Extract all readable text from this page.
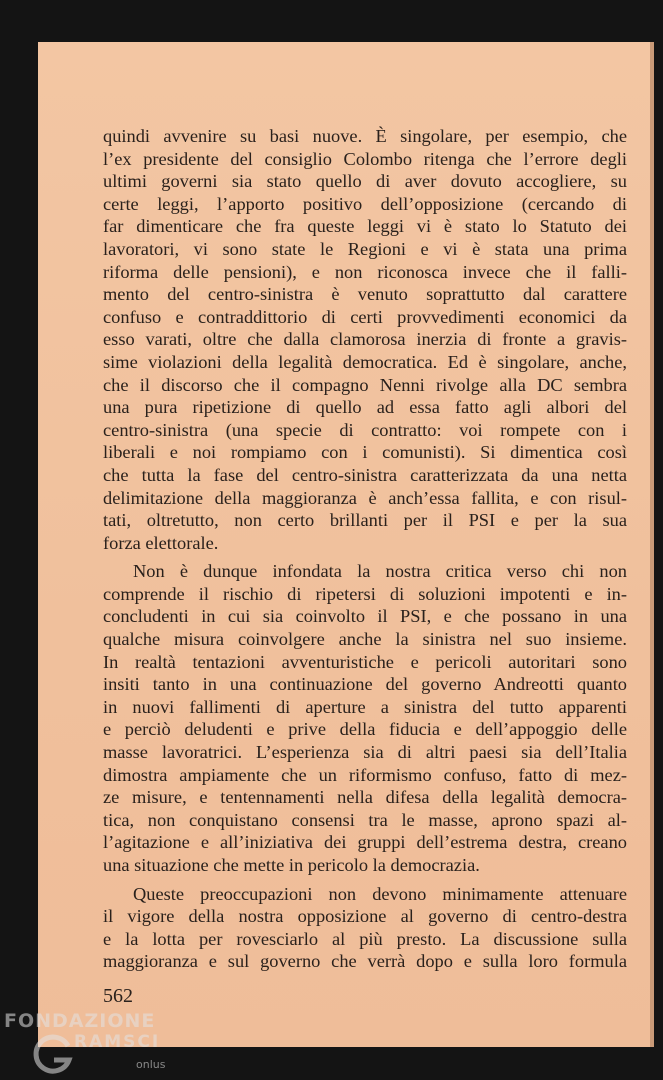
quindi avvenire su basi nuove. È singolare, per esempio, che
l’ex presidente del consiglio Colombo ritenga che l’errore degli
ultimi governi sia stato quello di aver dovuto accogliere, su
certe leggi, l’apporto positivo dell’opposizione (cercando di
far dimenticare che fra queste leggi vi è stato lo Statuto dei
lavoratori, vi sono state le Regioni e vi è stata una prima
riforma delle pensioni), e non riconosca invece che il falli-
mento del centro-sinistra è venuto soprattutto dal carattere
confuso e contraddittorio di certi provvedimenti economici da
esso varati, oltre che dalla clamorosa inerzia di fronte a gravis-
sime violazioni della legalità democratica. Ed è singolare, anche,
che il discorso che il compagno Nenni rivolge alla DC sembra
una pura ripetizione di quello ad essa fatto agli albori del
centro-sinistra (una specie di contratto: voi rompete con i
liberali e noi rompiamo con i comunisti). Si dimentica così
che tutta la fase del centro-sinistra caratterizzata da una netta
delimitazione della maggioranza è anch’essa fallita, e con risul-
tati, oltretutto, non certo brillanti per il PSI e per la sua
forza elettorale.
Non è dunque infondata la nostra critica verso chi non
comprende il rischio di ripetersi di soluzioni impotenti e in-
concludenti in cui sia coinvolto il PSI, e che possano in una
qualche misura coinvolgere anche la sinistra nel suo insieme.
In realtà tentazioni avventuristiche e pericoli autoritari sono
insiti tanto in una continuazione del governo Andreotti quanto
in nuovi fallimenti di aperture a sinistra del tutto apparenti
e perciò deludenti e prive della fiducia e dell’appoggio delle
masse lavoratrici. L’esperienza sia di altri paesi sia dell’Italia
dimostra ampiamente che un riformismo confuso, fatto di mez-
ze misure, e tentennamenti nella difesa della legalità democra-
tica, non conquistano consensi tra le masse, aprono spazi al-
l’agitazione e all’iniziativa dei gruppi dell’estrema destra, creano
una situazione che mette in pericolo la democrazia.
Queste preoccupazioni non devono minimamente attenuare
il vigore della nostra opposizione al governo di centro-destra
e la lotta per rovesciarlo al più presto. La discussione sulla
maggioranza e sul governo che verrà dopo e sulla loro formula
562
FONDAZIONE
RAMSCI
onlus
